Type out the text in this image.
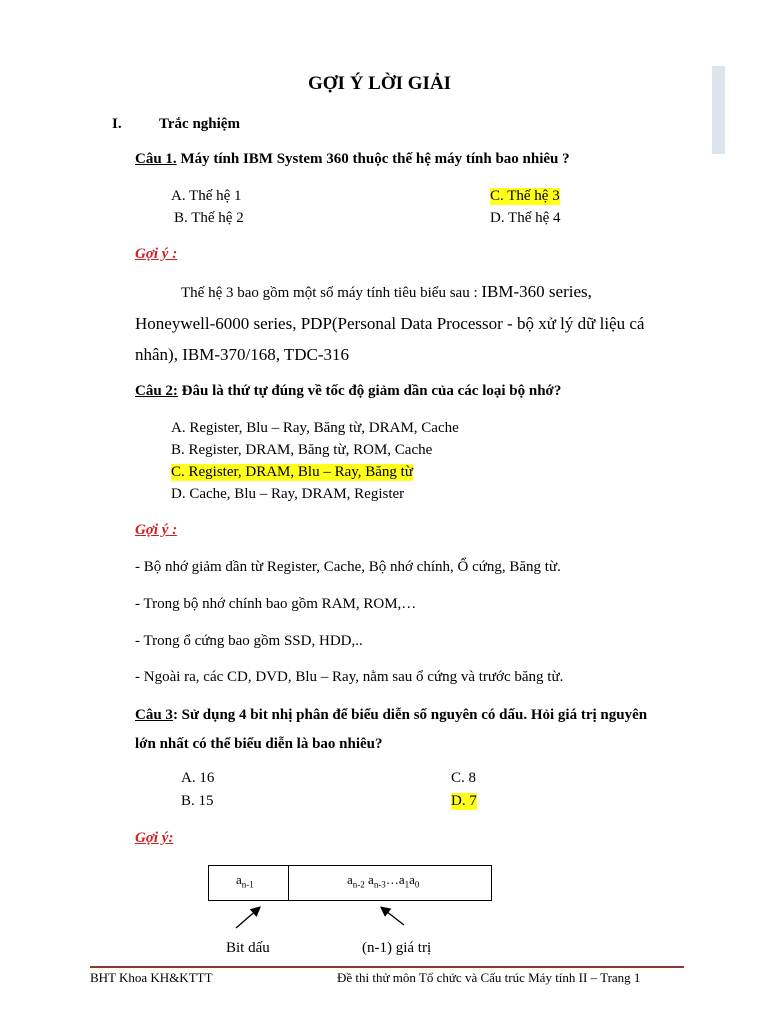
GỢI Ý LỜI GIẢI
I. Trắc nghiệm
Câu 1. Máy tính IBM System 360 thuộc thế hệ máy tính bao nhiêu ?
A. Thế hệ 1
B. Thế hệ 2
C. Thế hệ 3
D. Thế hệ 4
Gợi ý :
Thế hệ 3 bao gồm một số máy tính tiêu biểu sau : IBM-360 series,
Honeywell-6000 series, PDP(Personal Data Processor - bộ xử lý dữ liệu cá
nhân), IBM-370/168, TDC-316
Câu 2: Đâu là thứ tự đúng về tốc độ giảm dần của các loại bộ nhớ?
A. Register, Blu – Ray, Băng từ, DRAM, Cache
B. Register, DRAM, Băng từ, ROM, Cache
C. Register, DRAM, Blu – Ray, Băng từ
D. Cache, Blu – Ray, DRAM, Register
Gợi ý :
- Bộ nhớ giảm dần từ Register, Cache, Bộ nhớ chính, Ổ cứng, Băng từ.
- Trong bộ nhớ chính bao gồm RAM, ROM,…
- Trong ổ cứng bao gồm SSD, HDD,..
- Ngoài ra, các CD, DVD, Blu – Ray, nằm sau ổ cứng và trước băng từ.
Câu 3: Sử dụng 4 bit nhị phân để biểu diễn số nguyên có dấu. Hỏi giá trị nguyên
lớn nhất có thể biểu diễn là bao nhiêu?
A. 16
B. 15
C. 8
D. 7
Gợi ý:
$a_{n-1}$	$a_{n-2}$ $a_{n-3}\dots a_1a_0$
Bit dấu	(n-1) giá trị
BHT Khoa KH&KTTT	Đề thi thử môn Tổ chức và Cấu trúc Máy tính II – Trang 1
